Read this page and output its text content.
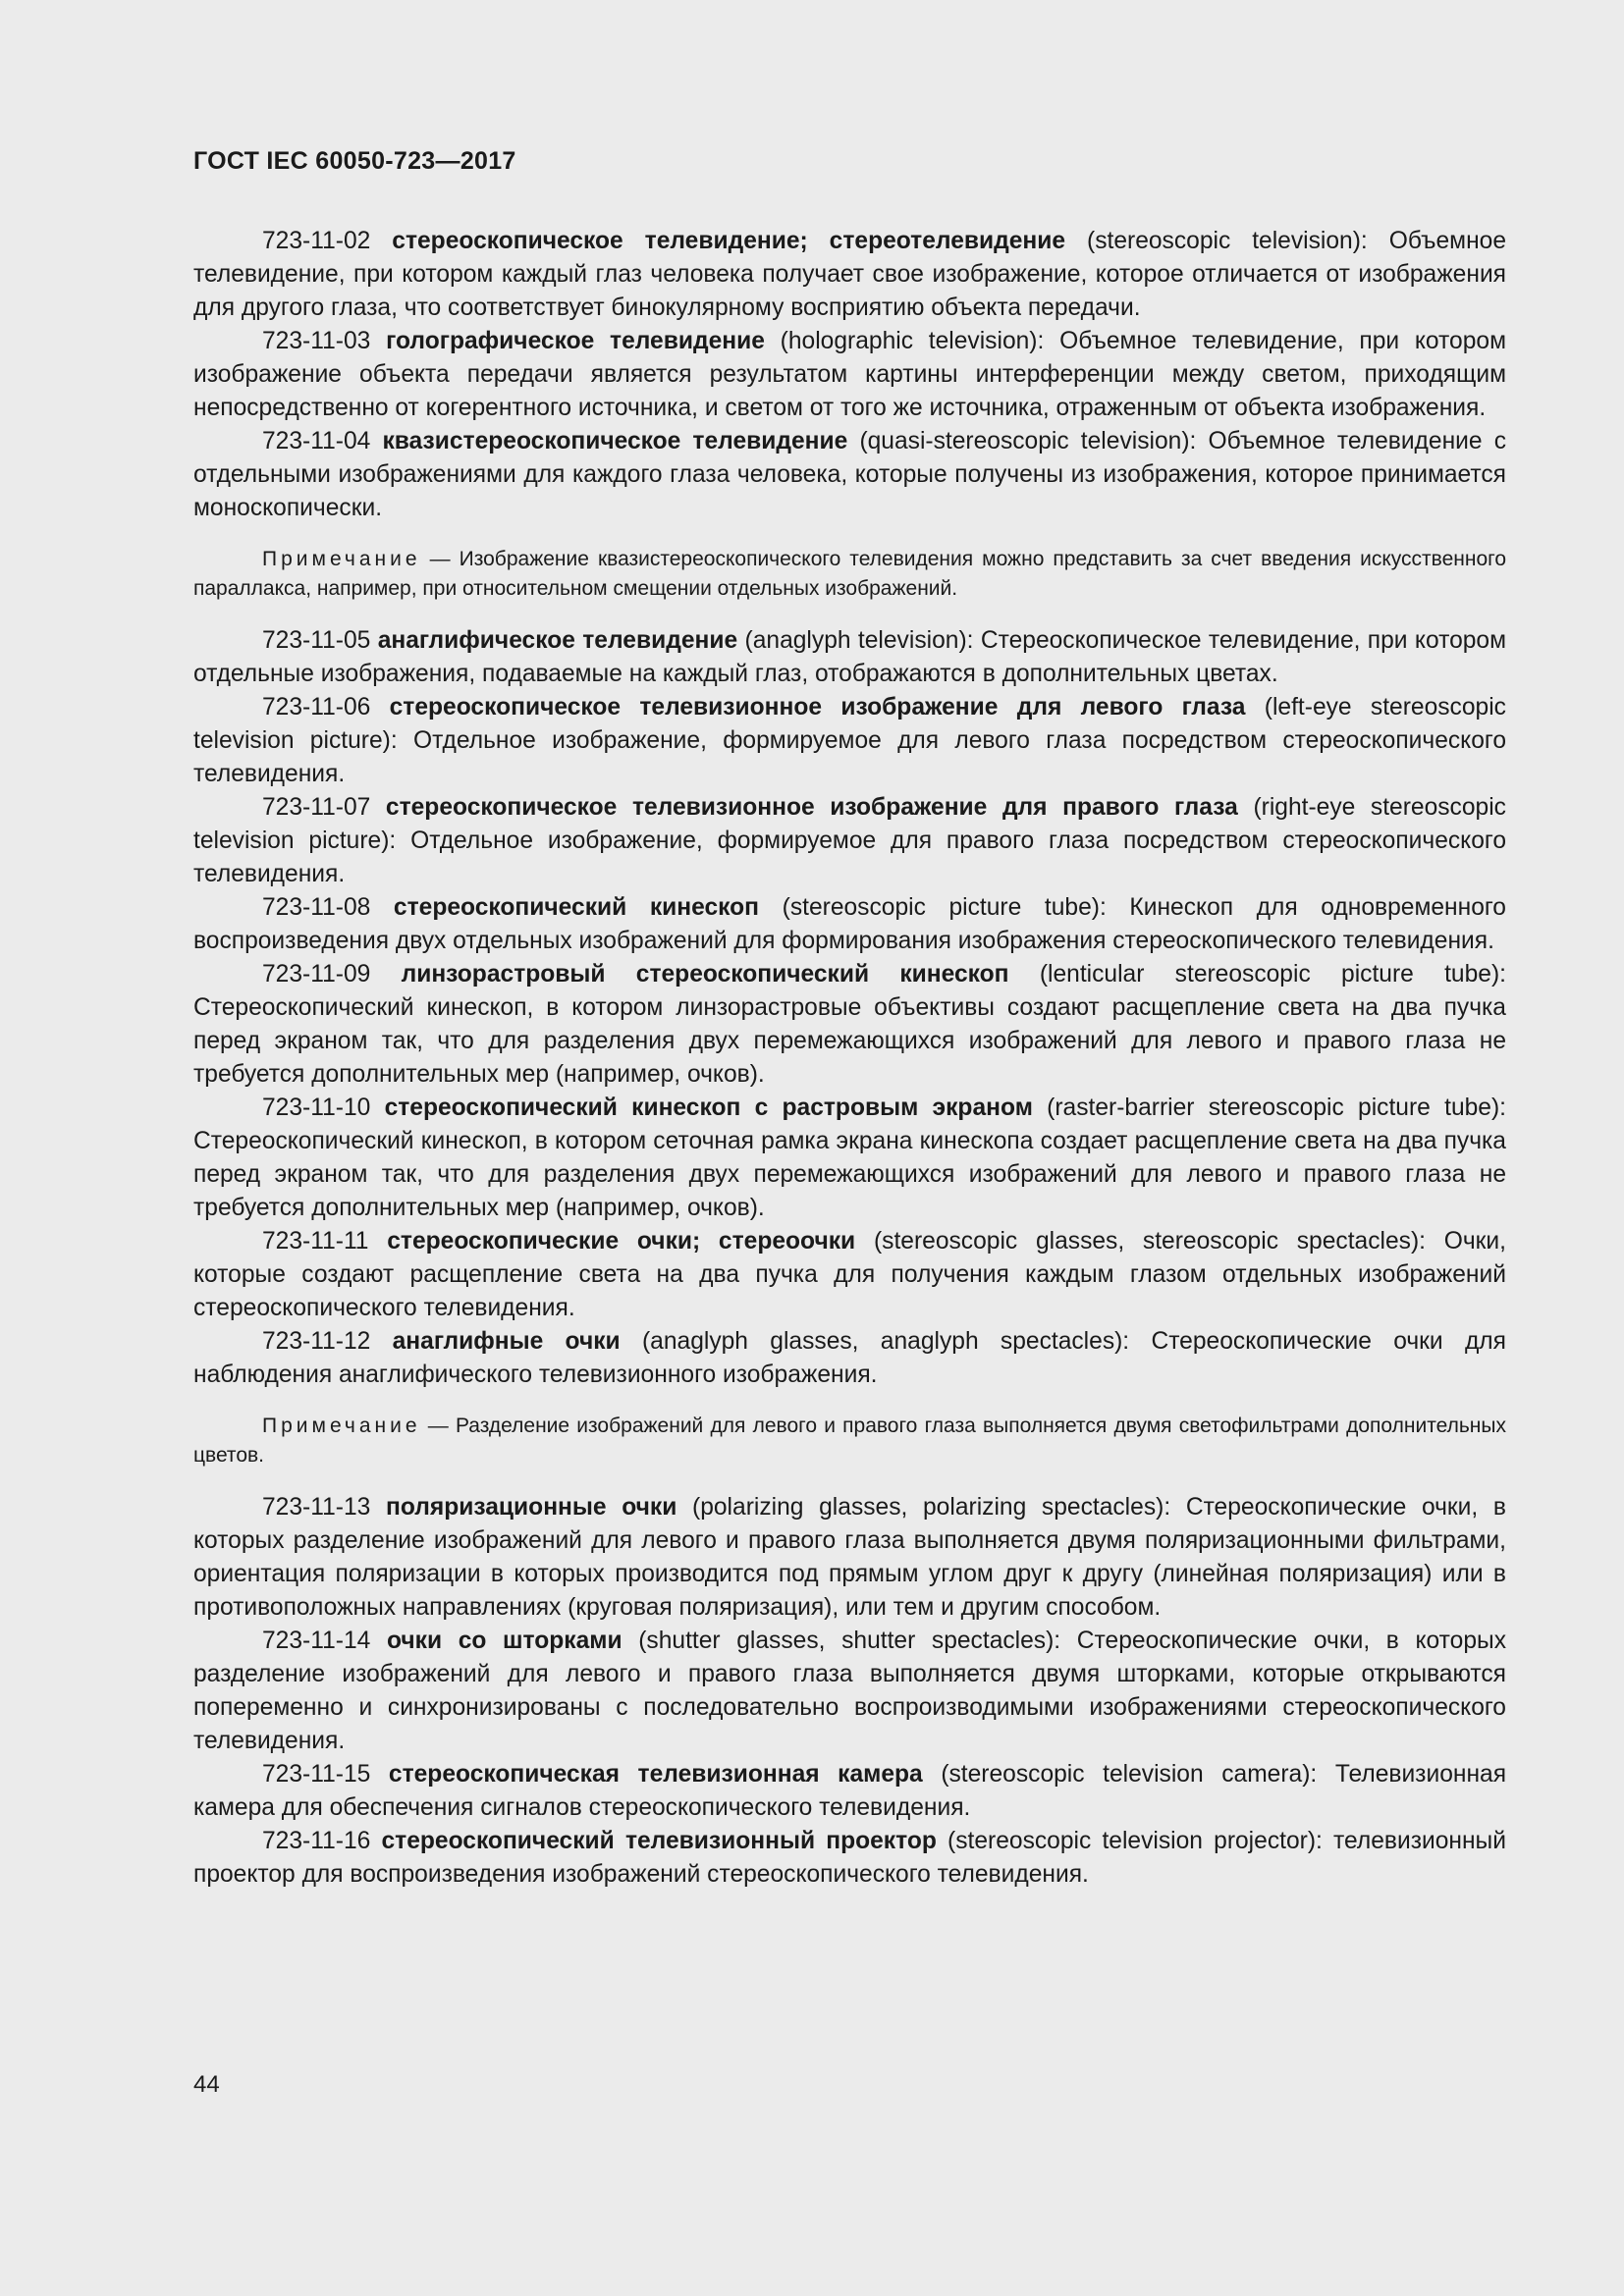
ГОСТ IEC 60050-723—2017

723-11-02 стереоскопическое телевидение; стереотелевидение (stereoscopic television): Объемное телевидение, при котором каждый глаз человека получает свое изображение, которое отличается от изображения для другого глаза, что соответствует бинокулярному восприятию объекта передачи.

723-11-03 голографическое телевидение (holographic television): Объемное телевидение, при котором изображение объекта передачи является результатом картины интерференции между светом, приходящим непосредственно от когерентного источника, и светом от того же источника, отраженным от объекта изображения.

723-11-04 квазистереоскопическое телевидение (quasi-stereoscopic television): Объемное телевидение с отдельными изображениями для каждого глаза человека, которые получены из изображения, которое принимается моноскопически.

Примечание — Изображение квазистереоскопического телевидения можно представить за счет введения искусственного параллакса, например, при относительном смещении отдельных изображений.

723-11-05 анаглифическое телевидение (anaglyph television): Стереоскопическое телевидение, при котором отдельные изображения, подаваемые на каждый глаз, отображаются в дополнительных цветах.

723-11-06 стереоскопическое телевизионное изображение для левого глаза (left-eye stereoscopic television picture): Отдельное изображение, формируемое для левого глаза посредством стереоскопического телевидения.

723-11-07 стереоскопическое телевизионное изображение для правого глаза (right-eye stereoscopic television picture): Отдельное изображение, формируемое для правого глаза посредством стереоскопического телевидения.

723-11-08 стереоскопический кинескоп (stereoscopic picture tube): Кинескоп для одновременного воспроизведения двух отдельных изображений для формирования изображения стереоскопического телевидения.

723-11-09 линзорастровый стереоскопический кинескоп (lenticular stereoscopic picture tube): Стереоскопический кинескоп, в котором линзорастровые объективы создают расщепление света на два пучка перед экраном так, что для разделения двух перемежающихся изображений для левого и правого глаза не требуется дополнительных мер (например, очков).

723-11-10 стереоскопический кинескоп с растровым экраном (raster-barrier stereoscopic picture tube): Стереоскопический кинескоп, в котором сеточная рамка экрана кинескопа создает расщепление света на два пучка перед экраном так, что для разделения двух перемежающихся изображений для левого и правого глаза не требуется дополнительных мер (например, очков).

723-11-11 стереоскопические очки; стереоочки (stereoscopic glasses, stereoscopic spectacles): Очки, которые создают расщепление света на два пучка для получения каждым глазом отдельных изображений стереоскопического телевидения.

723-11-12 анаглифные очки (anaglyph glasses, anaglyph spectacles): Стереоскопические очки для наблюдения анаглифического телевизионного изображения.

Примечание — Разделение изображений для левого и правого глаза выполняется двумя светофильтрами дополнительных цветов.

723-11-13 поляризационные очки (polarizing glasses, polarizing spectacles): Стереоскопические очки, в которых разделение изображений для левого и правого глаза выполняется двумя поляризационными фильтрами, ориентация поляризации в которых производится под прямым углом друг к другу (линейная поляризация) или в противоположных направлениях (круговая поляризация), или тем и другим способом.

723-11-14 очки со шторками (shutter glasses, shutter spectacles): Стереоскопические очки, в которых разделение изображений для левого и правого глаза выполняется двумя шторками, которые открываются попеременно и синхронизированы с последовательно воспроизводимыми изображениями стереоскопического телевидения.

723-11-15 стереоскопическая телевизионная камера (stereoscopic television camera): Телевизионная камера для обеспечения сигналов стереоскопического телевидения.

723-11-16 стереоскопический телевизионный проектор (stereoscopic television projector): телевизионный проектор для воспроизведения изображений стереоскопического телевидения.

44
